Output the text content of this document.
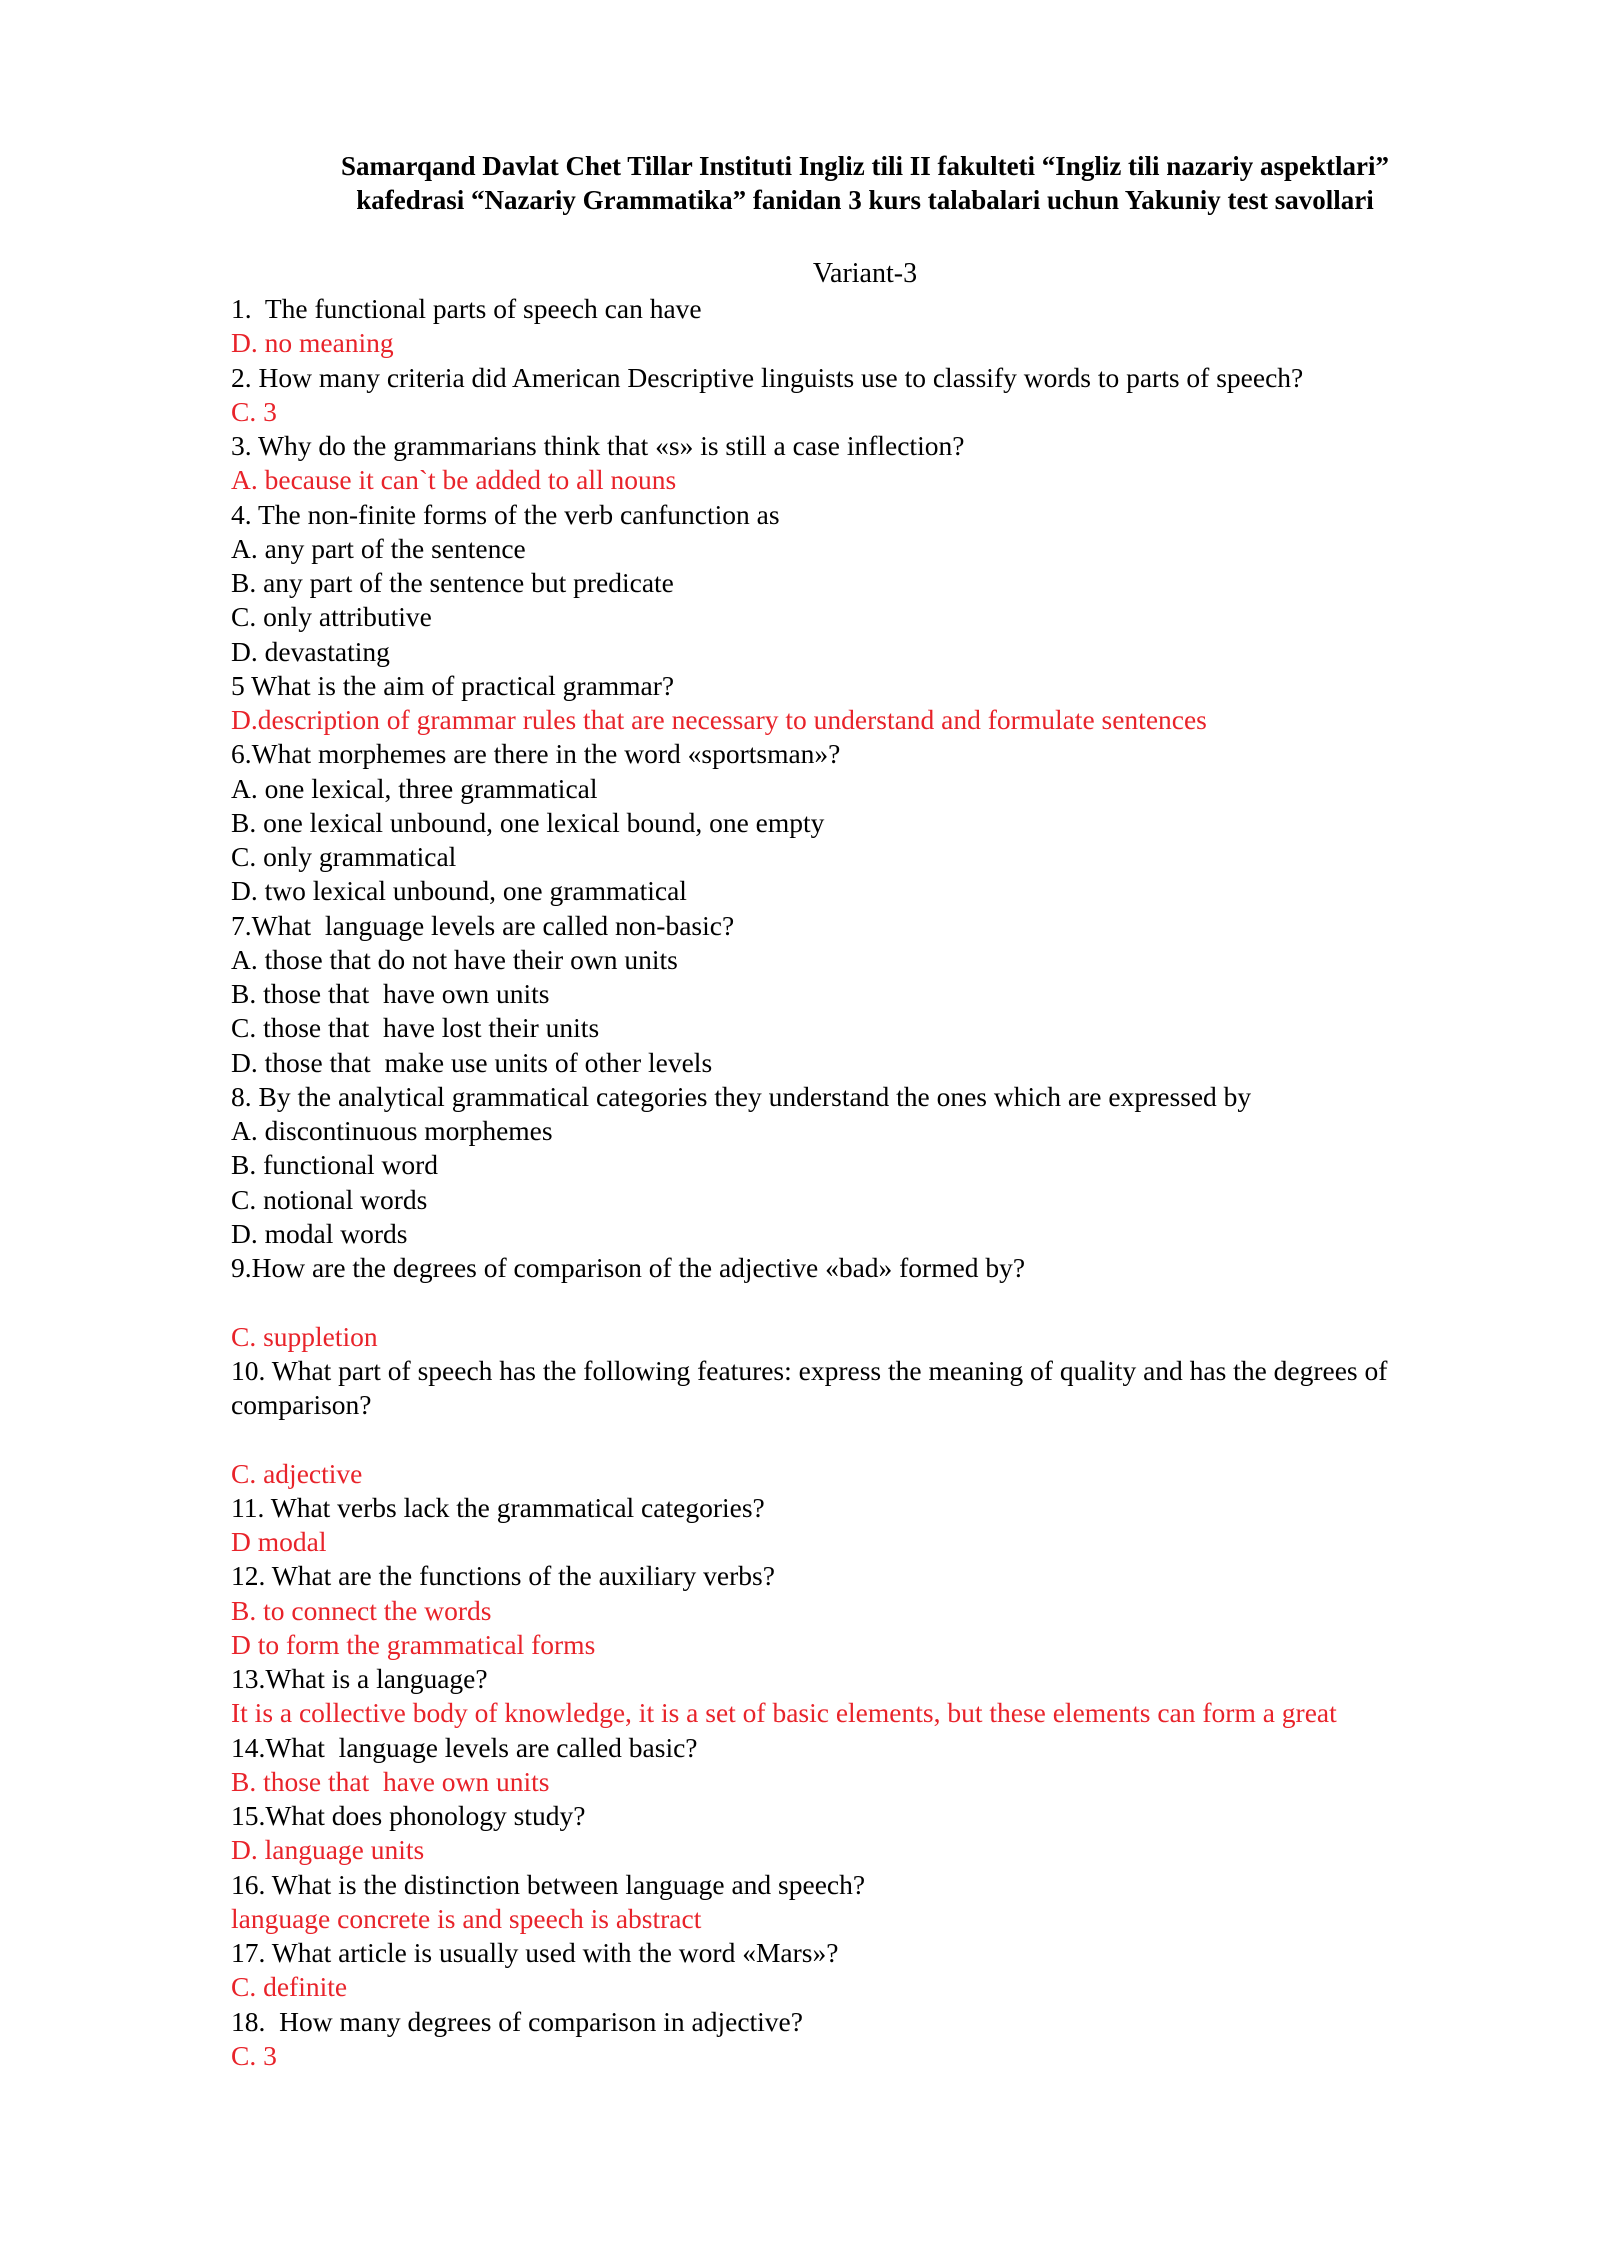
Samarqand Davlat Chet Tillar Instituti Ingliz tili II fakulteti “Ingliz tili nazariy aspektlari”
kafedrasi “Nazariy Grammatika” fanidan 3 kurs talabalari uchun Yakuniy test savollari
Variant-3
1.  The functional parts of speech can have
D. no meaning
2. How many criteria did American Descriptive linguists use to classify words to parts of speech?
C. 3
3. Why do the grammarians think that «s» is still a case inflection?
A. because it can`t be added to all nouns
4. The non-finite forms of the verb canfunction as
A. any part of the sentence
B. any part of the sentence but predicate
C. only attributive
D. devastating
5 What is the aim of practical grammar?
D.description of grammar rules that are necessary to understand and formulate sentences
6.What morphemes are there in the word «sportsman»?
A. one lexical, three grammatical
B. one lexical unbound, one lexical bound, one empty
C. only grammatical
D. two lexical unbound, one grammatical
7.What  language levels are called non-basic?
A. those that do not have their own units
B. those that  have own units
C. those that  have lost their units
D. those that  make use units of other levels
8. By the analytical grammatical categories they understand the ones which are expressed by
A. discontinuous morphemes
B. functional word
C. notional words
D. modal words
9.How are the degrees of comparison of the adjective «bad» formed by?
C. suppletion
10. What part of speech has the following features: express the meaning of quality and has the degrees of comparison?
C. adjective
11. What verbs lack the grammatical categories?
D modal
12. What are the functions of the auxiliary verbs?
B. to connect the words
D to form the grammatical forms
13.What is a language?
It is a collective body of knowledge, it is a set of basic elements, but these elements can form a great
14.What  language levels are called basic?
B. those that  have own units
15.What does phonology study?
D. language units
16. What is the distinction between language and speech?
language concrete is and speech is abstract
17. What article is usually used with the word «Mars»?
C. definite
18.  How many degrees of comparison in adjective?
C. 3
